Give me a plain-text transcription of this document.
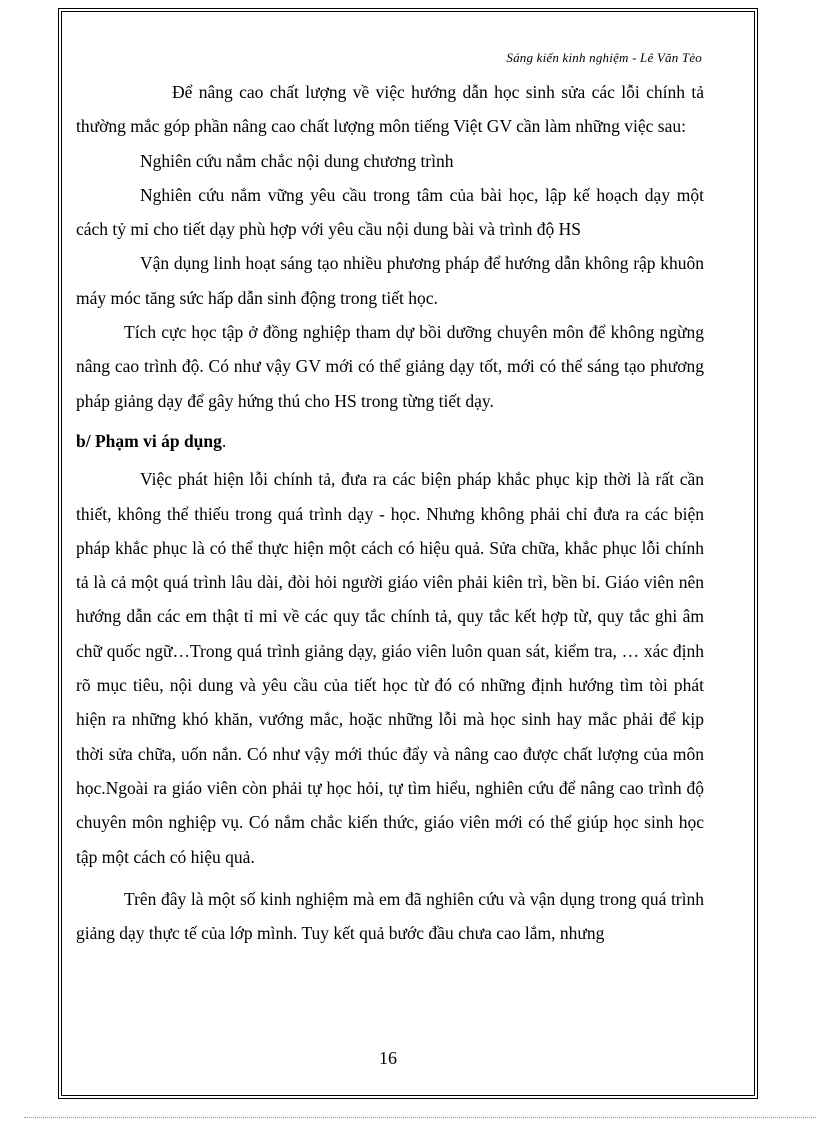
Sáng kiến kinh nghiệm - Lê Văn Tèo

Để nâng cao chất lượng về việc hướng dẫn học sinh sửa các lỗi chính tả thường mắc góp phần nâng cao chất lượng môn tiếng Việt GV cần làm những việc sau:

Nghiên cứu nắm chắc nội dung chương trình

Nghiên cứu nắm vững yêu cầu trong tâm của bài học, lập kế hoạch dạy một cách tỷ mỉ cho tiết dạy phù hợp với yêu cầu nội dung bài và trình độ HS

Vận dụng linh hoạt sáng tạo nhiều phương pháp để hướng dẫn không rập khuôn máy móc tăng sức hấp dẫn sinh động trong tiết học.

Tích cực học tập ở đồng nghiệp tham dự bồi dưỡng chuyên môn để không ngừng nâng cao trình độ. Có như vậy GV mới có thể giảng dạy tốt, mới có thể sáng tạo phương pháp giảng dạy để gây hứng thú cho HS trong từng tiết dạy.

b/ Phạm vi áp dụng.

Việc phát hiện lỗi chính tả, đưa ra các biện pháp khắc phục kịp thời là rất cần thiết, không thể thiếu trong quá trình dạy - học. Nhưng không phải chỉ đưa ra các biện pháp khắc phục là có thể thực hiện một cách có hiệu quả. Sửa chữa, khắc phục lỗi chính tả là cả một quá trình lâu dài, đòi hỏi người giáo viên phải kiên trì, bền bỉ. Giáo viên nên hướng dẫn các em thật tỉ mỉ về các quy tắc chính tả, quy tắc kết hợp từ, quy tắc ghi âm chữ quốc ngữ…Trong quá trình giảng dạy, giáo viên luôn quan sát, kiểm tra, … xác định rõ mục tiêu, nội dung và yêu cầu của tiết học từ đó có những định hướng tìm tòi phát hiện ra những khó khăn, vướng mắc, hoặc những lỗi mà học sinh hay mắc phải để kịp thời sửa chữa, uốn nắn. Có như vậy mới thúc đẩy và nâng cao được chất lượng của môn học.Ngoài ra giáo viên còn phải tự học hỏi, tự tìm hiểu, nghiên cứu để nâng cao trình độ chuyên môn nghiệp vụ. Có nắm chắc kiến thức, giáo viên mới có thể giúp học sinh học tập một cách có hiệu quả.

Trên đây là một số kinh nghiệm mà em đã nghiên cứu và vận dụng trong quá trình giảng dạy thực tế của lớp mình. Tuy kết quả bước đầu chưa cao lắm, nhưng

16
